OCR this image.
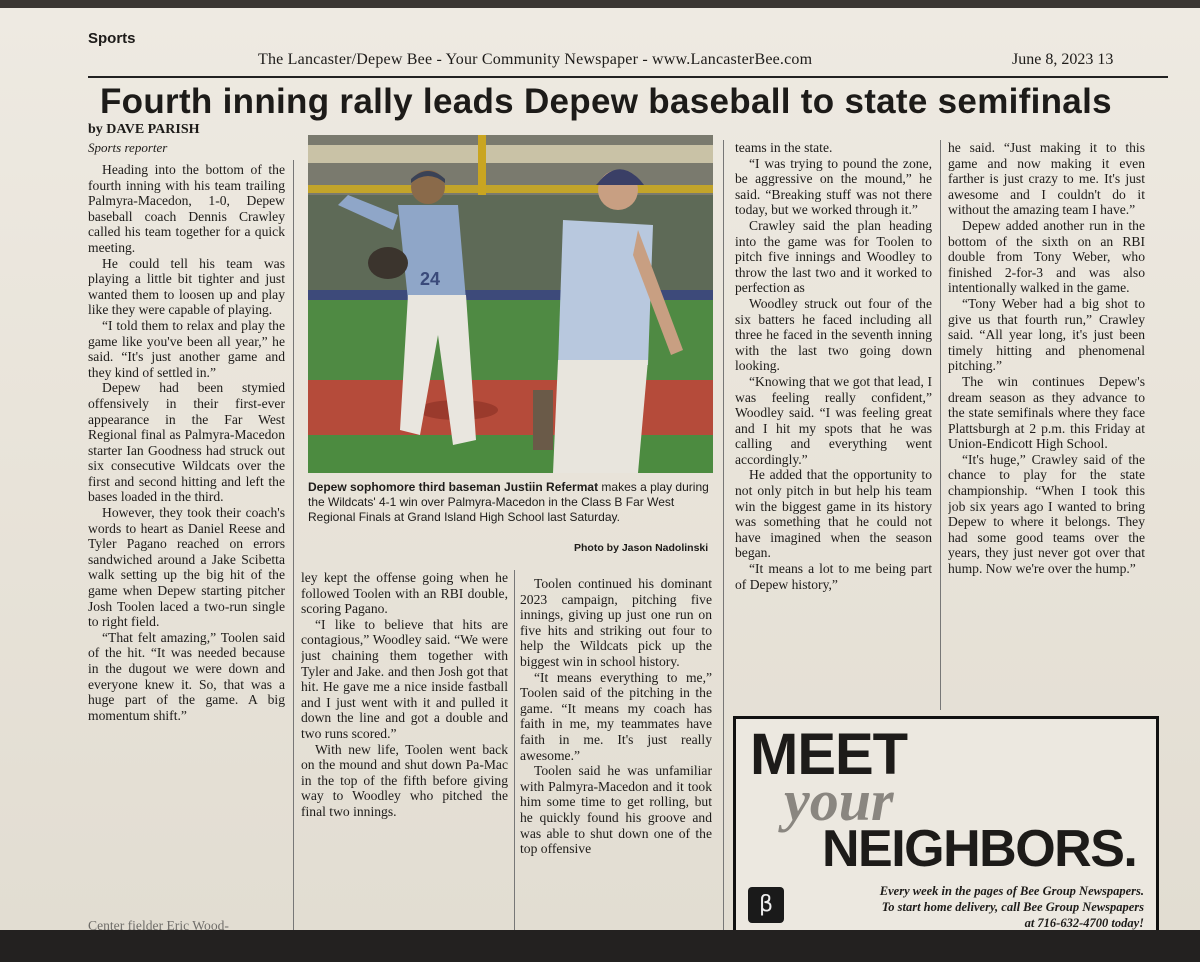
Sports
The Lancaster/Depew Bee - Your Community Newspaper - www.LancasterBee.com	June 8, 2023 13
Fourth inning rally leads Depew baseball to state semifinals
by DAVE PARISH
Sports reporter

Heading into the bottom of the fourth inning with his team trailing Palmyra-Macedon, 1-0, Depew baseball coach Dennis Crawley called his team together for a quick meeting.

He could tell his team was playing a little bit tighter and just wanted them to loosen up and play like they were capable of playing.

“I told them to relax and play the game like you've been all year,” he said. “It's just another game and they kind of settled in.”

Depew had been stymied offensively in their first-ever appearance in the Far West Regional final as Palmyra-Macedon starter Ian Goodness had struck out six consecutive Wildcats over the first and second hitting and left the bases loaded in the third.

However, they took their coach's words to heart as Daniel Reese and Tyler Pagano reached on errors sandwiched around a Jake Scibetta walk setting up the big hit of the game when Depew starting pitcher Josh Toolen laced a two-run single to right field.

“That felt amazing,” Toolen said of the hit. “It was needed because in the dugout we were down and everyone knew it. So, that was a huge part of the game. A big momentum shift.”

Center fielder Eric Wood-
24
Depew sophomore third baseman Justiin Refermat makes a play during the Wildcats' 4-1 win over Palmyra-Macedon in the Class B Far West Regional Finals at Grand Island High School last Saturday.
Photo by Jason Nadolinski

ley kept the offense going when he followed Toolen with an RBI double, scoring Pagano.

“I like to believe that hits are contagious,” Woodley said. “We were just chaining them together with Tyler and Jake. and then Josh got that hit. He gave me a nice inside fastball and I just went with it and pulled it down the line and got a double and two runs scored.”

With new life, Toolen went back on the mound and shut down Pa-Mac in the top of the fifth before giving way to Woodley who pitched the final two innings.

Toolen continued his dominant 2023 campaign, pitching five innings, giving up just one run on five hits and striking out four to help the Wildcats pick up the biggest win in school history.

“It means everything to me,” Toolen said of the pitching in the game. “It means my coach has faith in me, my teammates have faith in me. It's just really awesome.”

Toolen said he was unfamiliar with Palmyra-Macedon and it took him some time to get rolling, but he quickly found his groove and was able to shut down one of the top offensive

teams in the state.

“I was trying to pound the zone, be aggressive on the mound,” he said. “Breaking stuff was not there today, but we worked through it.”

Crawley said the plan heading into the game was for Toolen to pitch five innings and Woodley to throw the last two and it worked to perfection as

Woodley struck out four of the six batters he faced including all three he faced in the seventh inning with the last two going down looking.

“Knowing that we got that lead, I was feeling really confident,” Woodley said. “I was feeling great and I hit my spots that he was calling and everything went accordingly.”

He added that the opportunity to not only pitch in but help his team win the biggest game in its history was something that he could not have imagined when the season began.

“It means a lot to me being part of Depew history,”

he said. “Just making it to this game and now making it even farther is just crazy to me. It's just awesome and I couldn't do it without the amazing team I have.”

Depew added another run in the bottom of the sixth on an RBI double from Tony Weber, who finished 2-for-3 and was also intentionally walked in the game.

“Tony Weber had a big shot to give us that fourth run,” Crawley said. “All year long, it's just been timely hitting and phenomenal pitching.”

The win continues Depew's dream season as they advance to the state semifinals where they face Plattsburgh at 2 p.m. this Friday at Union-Endicott High School.

“It's huge,” Crawley said of the chance to play for the state championship. “When I took this job six years ago I wanted to bring Depew to where it belongs. They had some good teams over the years, they just never got over that hump. Now we're over the hump.”

MEET
your
NEIGHBORS.
β
Every week in the pages of Bee Group Newspapers.
To start home delivery, call Bee Group Newspapers
at 716-632-4700 today!
